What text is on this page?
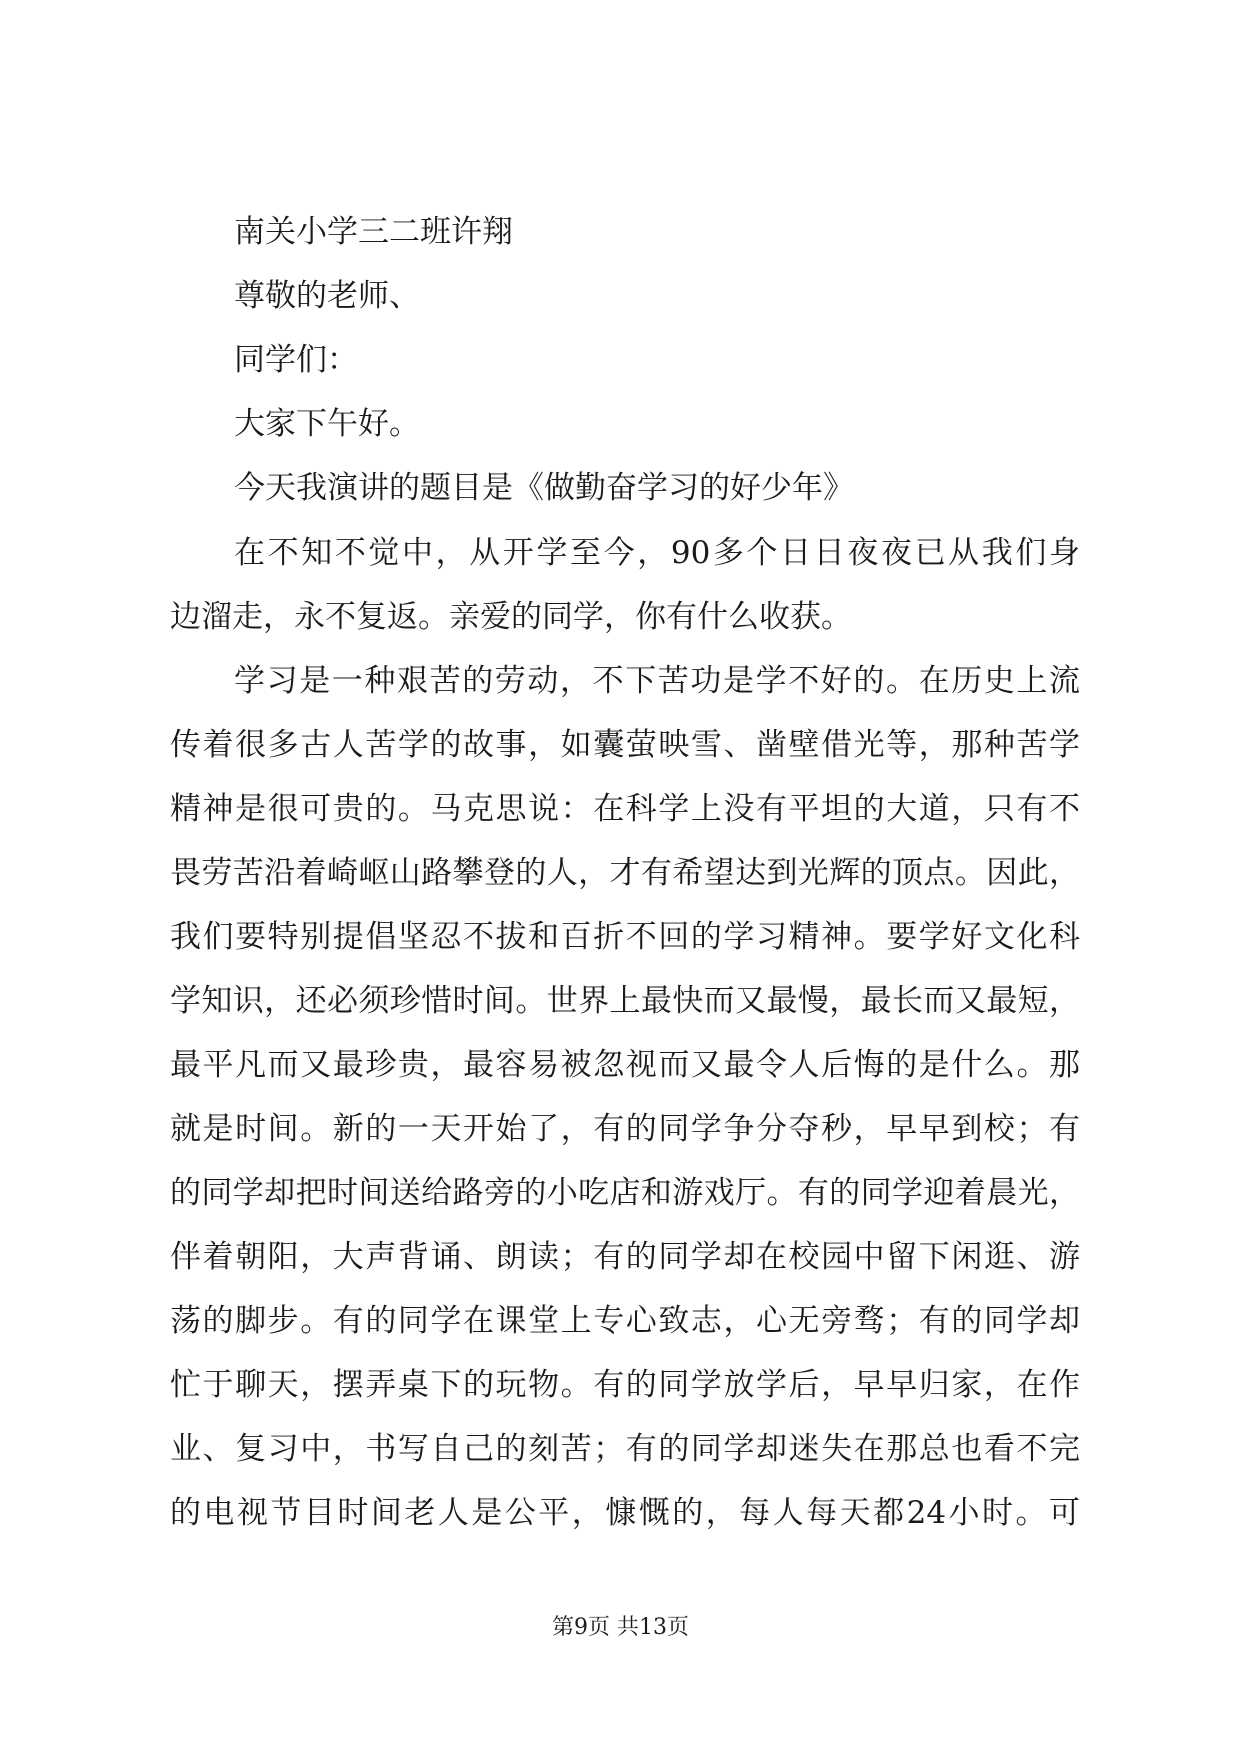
南关小学三二班许翔
尊敬的老师、
同学们：
大家下午好。
今天我演讲的题目是《做勤奋学习的好少年》
在不知不觉中，从开学至今，90多个日日夜夜已从我们身
边溜走，永不复返。亲爱的同学，你有什么收获。
学习是一种艰苦的劳动，不下苦功是学不好的。在历史上流
传着很多古人苦学的故事，如囊萤映雪、凿壁借光等，那种苦学
精神是很可贵的。马克思说：在科学上没有平坦的大道，只有不
畏劳苦沿着崎岖山路攀登的人，才有希望达到光辉的顶点。因此，
我们要特别提倡坚忍不拔和百折不回的学习精神。要学好文化科
学知识，还必须珍惜时间。世界上最快而又最慢，最长而又最短，
最平凡而又最珍贵，最容易被忽视而又最令人后悔的是什么。那
就是时间。新的一天开始了，有的同学争分夺秒，早早到校；有
的同学却把时间送给路旁的小吃店和游戏厅。有的同学迎着晨光，
伴着朝阳，大声背诵、朗读；有的同学却在校园中留下闲逛、游
荡的脚步。有的同学在课堂上专心致志，心无旁骛；有的同学却
忙于聊天，摆弄桌下的玩物。有的同学放学后，早早归家，在作
业、复习中，书写自己的刻苦；有的同学却迷失在那总也看不完
的电视节目时间老人是公平，慷慨的，每人每天都24小时。可
第9页 共13页
